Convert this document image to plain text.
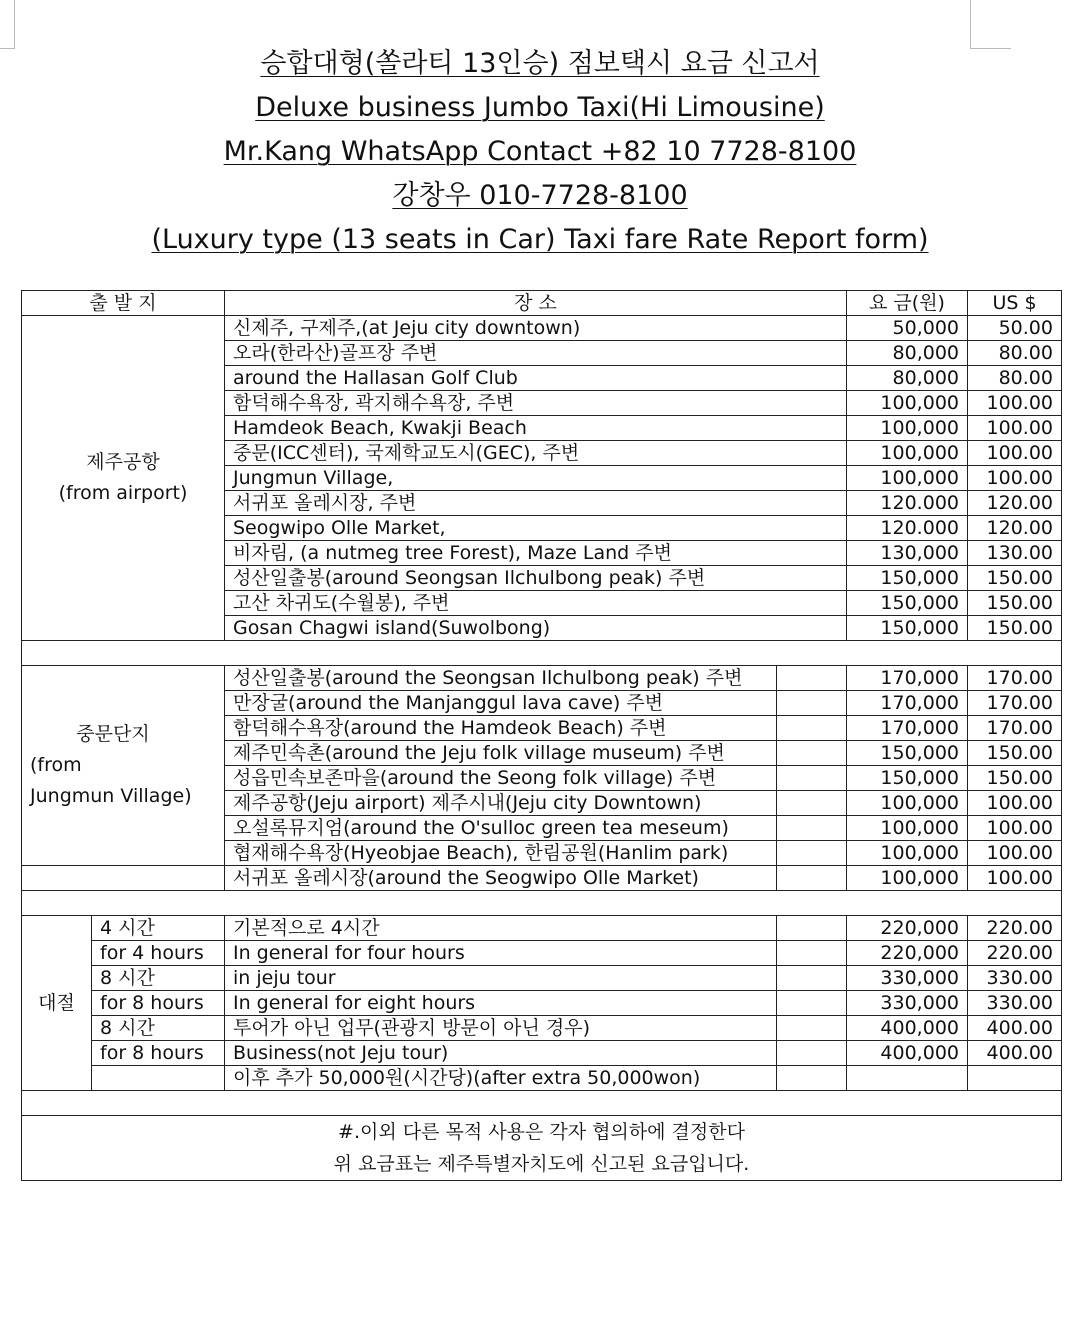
승합대형(쏠라티 13인승) 점보택시 요금 신고서
Deluxe business Jumbo Taxi(Hi Limousine)
Mr.Kang WhatsApp Contact +82 10 7728-8100
강창우 010-7728-8100
(Luxury type (13 seats in Car) Taxi fare Rate Report form)
출 발 지		장 소		요 금(원)	US $
제주공항
(from airport)		신제주, 구제주,(at Jeju city downtown)		50,000	50.00
		오라(한라산)골프장 주변		80,000	80.00
		around the Hallasan Golf Club		80,000	80.00
		함덕해수욕장, 곽지해수욕장, 주변		100,000	100.00
		Hamdeok Beach, Kwakji Beach		100,000	100.00
		중문(ICC센터), 국제학교도시(GEC), 주변		100,000	100.00
		Jungmun Village,		100,000	100.00
		서귀포 올레시장, 주변		120.000	120.00
		Seogwipo Olle Market,		120.000	120.00
		비자림, (a nutmeg tree Forest), Maze Land 주변		130,000	130.00
		성산일출봉(around Seongsan Ilchulbong peak) 주변		150,000	150.00
		고산 차귀도(수월봉), 주변		150,000	150.00
		Gosan Chagwi island(Suwolbong)		150,000	150.00

중문단지
(from
Jungmun Village)		성산일출봉(around the Seongsan Ilchulbong peak) 주변		170,000	170.00
		만장굴(around the Manjanggul lava cave) 주변		170,000	170.00
		함덕해수욕장(around the Hamdeok Beach) 주변		170,000	170.00
		제주민속촌(around the Jeju folk village museum) 주변		150,000	150.00
		성읍민속보존마을(around the Seong folk village) 주변		150,000	150.00
		제주공항(Jeju airport) 제주시내(Jeju city Downtown)		100,000	100.00
		오설록뮤지엄(around the O'sulloc green tea meseum)		100,000	100.00
		협재해수욕장(Hyeobjae Beach), 한림공원(Hanlim park)		100,000	100.00
		서귀포 올레시장(around the Seogwipo Olle Market)		100,000	100.00

대절	4 시간	기본적으로 4시간		220,000	220.00
	for 4 hours	In general for four hours		220,000	220.00
	8 시간	in jeju tour		330,000	330.00
	for 8 hours	In general for eight hours		330,000	330.00
	8 시간	투어가 아닌 업무(관광지 방문이 아닌 경우)		400,000	400.00
	for 8 hours	Business(not Jeju tour)		400,000	400.00
		이후 추가 50,000원(시간당)(after extra 50,000won)			

#.이외 다른 목적 사용은 각자 협의하에 결정한다
위 요금표는 제주특별자치도에 신고된 요금입니다.					
